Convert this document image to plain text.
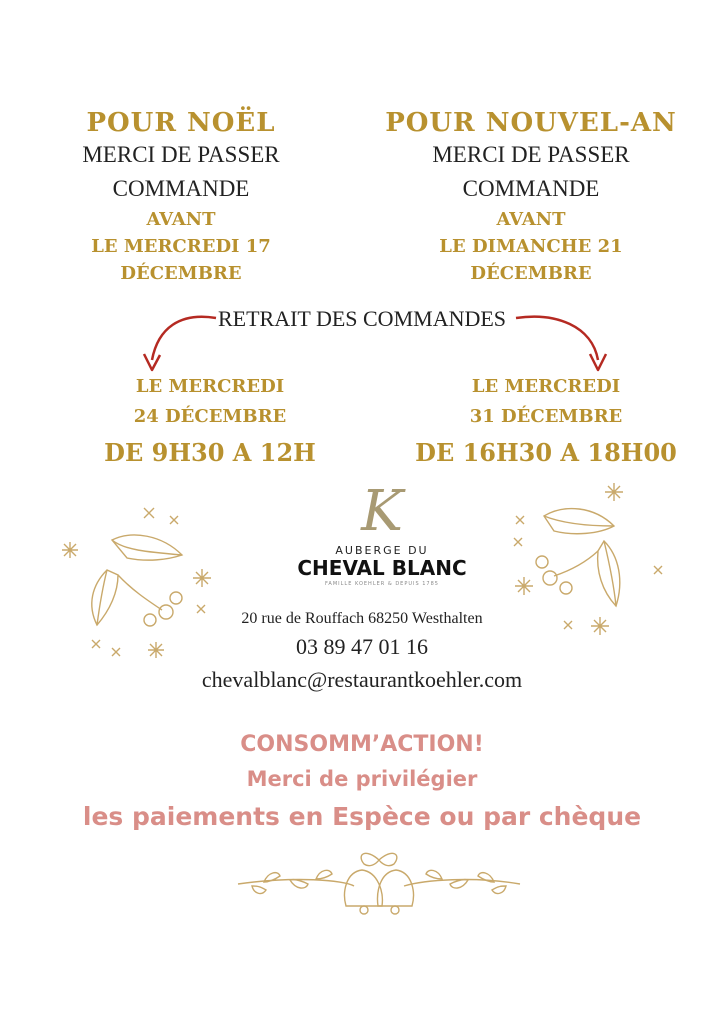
POUR NOËL
MERCI DE PASSER
COMMANDE
AVANT
LE MERCREDI 17
DÉCEMBRE
POUR NOUVEL-AN
MERCI DE PASSER
COMMANDE
AVANT
LE DIMANCHE 21
DÉCEMBRE
RETRAIT DES COMMANDES
LE MERCREDI
24 DÉCEMBRE
DE 9H30 A 12H
LE MERCREDI
31 DÉCEMBRE
DE 16H30 A 18H00
K
AUBERGE DU
CHEVAL BLANC
FAMILLE KOEHLER & DEPUIS 1785
20 rue de Rouffach 68250 Westhalten
03 89 47 01 16
chevalblanc@restaurantkoehler.com
CONSOMM’ACTION!
Merci de privilégier
les paiements en Espèce ou par chèque
